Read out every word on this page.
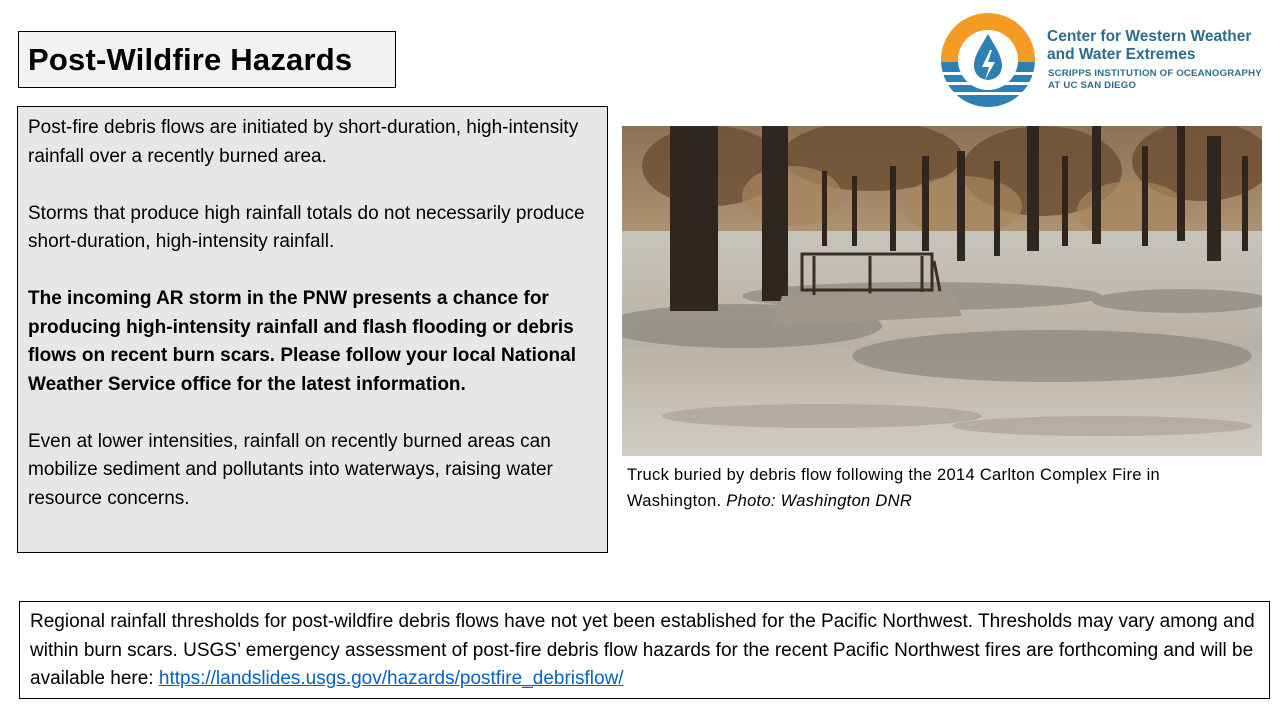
Post-Wildfire Hazards
Center for Western Weather
and Water Extremes
SCRIPPS INSTITUTION OF OCEANOGRAPHY
AT UC SAN DIEGO

Post-fire debris flows are initiated by short-duration, high-intensity rainfall over a recently burned area.

Storms that produce high rainfall totals do not necessarily produce short-duration, high-intensity rainfall.

The incoming AR storm in the PNW presents a chance for producing high-intensity rainfall and flash flooding or debris flows on recent burn scars. Please follow your local National Weather Service office for the latest information.

Even at lower intensities, rainfall on recently burned areas can mobilize sediment and pollutants into waterways, raising water resource concerns.

Truck buried by debris flow following the 2014 Carlton Complex Fire in Washington. Photo: Washington DNR
Regional rainfall thresholds for post-wildfire debris flows have not yet been established for the Pacific Northwest. Thresholds may vary among and within burn scars. USGS’ emergency assessment of post-fire debris flow hazards for the recent Pacific Northwest fires are forthcoming and will be available here: https://landslides.usgs.gov/hazards/postfire_debrisflow/
